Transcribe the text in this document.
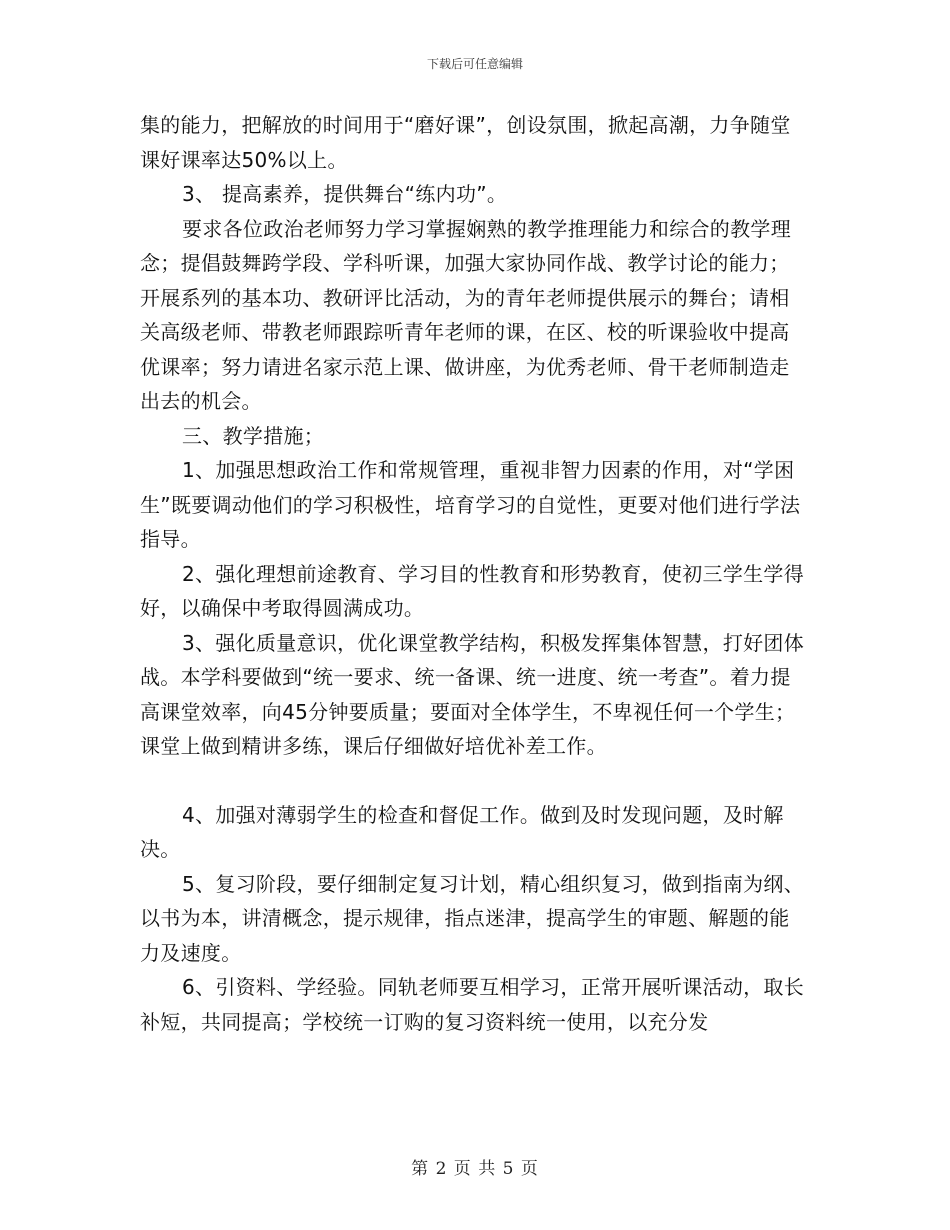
下载后可任意编辑

集的能力，把解放的时间用于“磨好课”，创设氛围，掀起高潮，力争随堂课好课率达50%以上。

3、 提高素养，提供舞台“练内功”。

要求各位政治老师努力学习掌握娴熟的教学推理能力和综合的教学理念；提倡鼓舞跨学段、学科听课，加强大家协同作战、教学讨论的能力；开展系列的基本功、教研评比活动，为的青年老师提供展示的舞台；请相关高级老师、带教老师跟踪听青年老师的课，在区、校的听课验收中提高优课率；努力请进名家示范上课、做讲座，为优秀老师、骨干老师制造走出去的机会。

三、教学措施；

1、加强思想政治工作和常规管理，重视非智力因素的作用，对“学困生”既要调动他们的学习积极性，培育学习的自觉性，更要对他们进行学法指导。

2、强化理想前途教育、学习目的性教育和形势教育，使初三学生学得好，以确保中考取得圆满成功。

3、强化质量意识，优化课堂教学结构，积极发挥集体智慧，打好团体战。本学科要做到“统一要求、统一备课、统一进度、统一考查”。着力提高课堂效率，向45分钟要质量；要面对全体学生，不卑视任何一个学生；课堂上做到精讲多练，课后仔细做好培优补差工作。

4、加强对薄弱学生的检查和督促工作。做到及时发现问题，及时解决。

5、复习阶段，要仔细制定复习计划，精心组织复习，做到指南为纲、以书为本，讲清概念，提示规律，指点迷津，提高学生的审题、解题的能力及速度。

6、引资料、学经验。同轨老师要互相学习，正常开展听课活动，取长补短，共同提高；学校统一订购的复习资料统一使用，以充分发

第 2 页 共 5 页
